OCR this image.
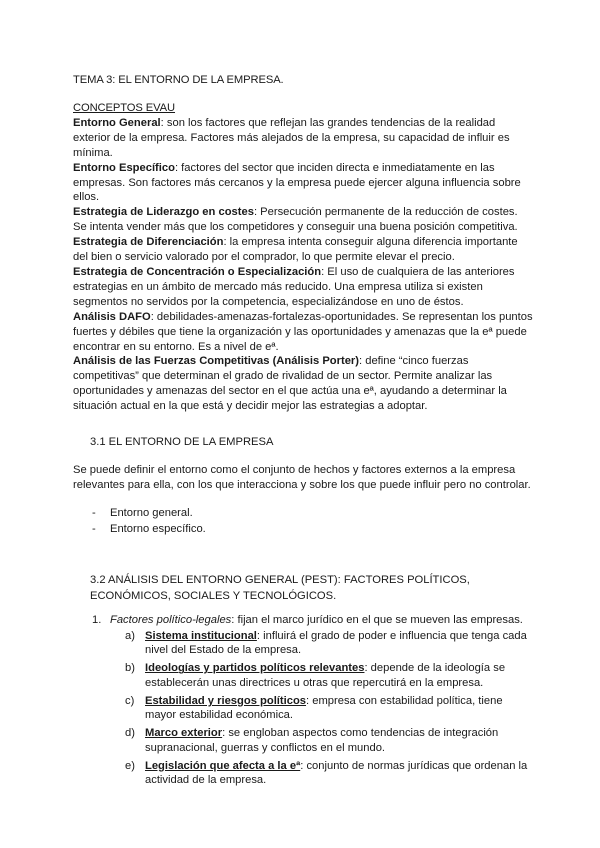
TEMA 3: EL ENTORNO DE LA EMPRESA.
CONCEPTOS EVAU

Entorno General: son los factores que reflejan las grandes tendencias de la realidad exterior de la empresa. Factores más alejados de la empresa, su capacidad de influir es mínima.

Entorno Específico: factores del sector que inciden directa e inmediatamente en las empresas. Son factores más cercanos y la empresa puede ejercer alguna influencia sobre ellos.

Estrategia de Liderazgo en costes: Persecución permanente de la reducción de costes. Se intenta vender más que los competidores y conseguir una buena posición competitiva.

Estrategia de Diferenciación: la empresa intenta conseguir alguna diferencia importante del bien o servicio valorado por el comprador, lo que permite elevar el precio.

Estrategia de Concentración o Especialización: El uso de cualquiera de las anteriores estrategias en un ámbito de mercado más reducido. Una empresa utiliza si existen segmentos no servidos por la competencia, especializándose en uno de éstos.

Análisis DAFO: debilidades-amenazas-fortalezas-oportunidades. Se representan los puntos fuertes y débiles que tiene la organización y las oportunidades y amenazas que la eª puede encontrar en su entorno. Es a nivel de eª.

Análisis de las Fuerzas Competitivas (Análisis Porter): define “cinco fuerzas competitivas” que determinan el grado de rivalidad de un sector. Permite analizar las oportunidades y amenazas del sector en el que actúa una eª, ayudando a determinar la situación actual en la que está y decidir mejor las estrategias a adoptar.

3.1 EL ENTORNO DE LA EMPRESA
Se puede definir el entorno como el conjunto de hechos y factores externos a la empresa relevantes para ella, con los que interacciona y sobre los que puede influir pero no controlar.
- Entorno general.
- Entorno específico.
3.2 ANÁLISIS DEL ENTORNO GENERAL (PEST): FACTORES POLÍTICOS, ECONÓMICOS, SOCIALES Y TECNOLÓGICOS.
1. Factores político-legales: fijan el marco jurídico en el que se mueven las empresas.
a) Sistema institucional: influirá el grado de poder e influencia que tenga cada nivel del Estado de la empresa.
b) Ideologías y partidos políticos relevantes: depende de la ideología se establecerán unas directrices u otras que repercutirá en la empresa.
c) Estabilidad y riesgos políticos: empresa con estabilidad política, tiene mayor estabilidad económica.
d) Marco exterior: se engloban aspectos como tendencias de integración supranacional, guerras y conflictos en el mundo.
e) Legislación que afecta a la eª: conjunto de normas jurídicas que ordenan la actividad de la empresa.
